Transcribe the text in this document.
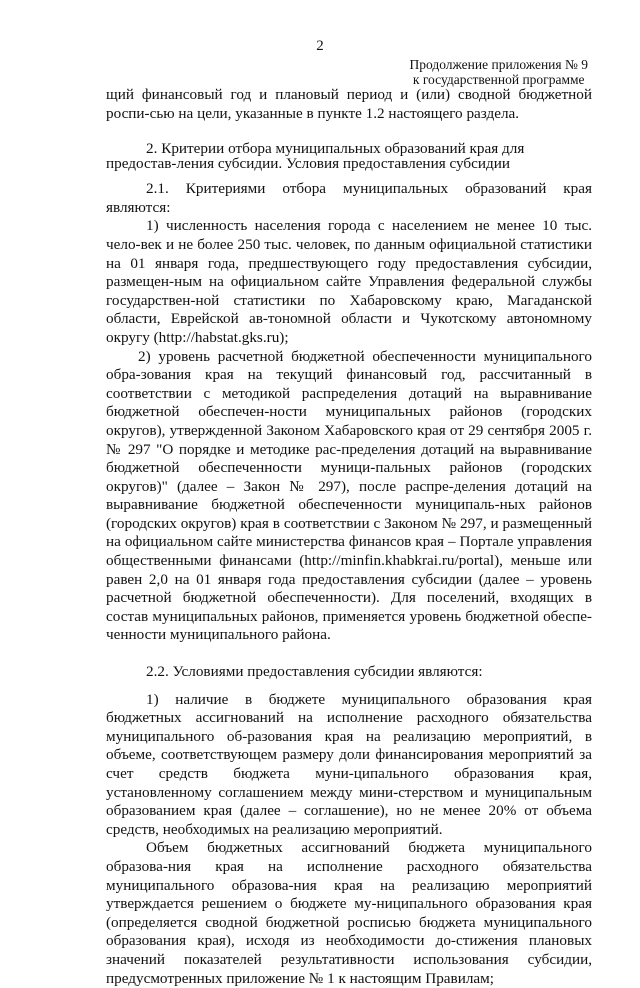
2
Продолжение приложения № 9
к государственной программе

щий финансовый год и плановый период и (или) сводной бюджетной роспи-сью на цели, указанные в пункте 1.2 настоящего раздела.

2. Критерии отбора муниципальных образований края для предостав-ления субсидии. Условия предоставления субсидии

2.1. Критериями отбора муниципальных образований края являются:

1) численность населения города с населением не менее 10 тыс. чело-век и не более 250 тыс. человек, по данным официальной статистики на 01 января года, предшествующего году предоставления субсидии, размещен-ным на официальном сайте Управления федеральной службы государствен-ной статистики по Хабаровскому краю, Магаданской области, Еврейской ав-тономной области и Чукотскому автономному округу (http://habstat.gks.ru);

2) уровень расчетной бюджетной обеспеченности муниципального обра-зования края на текущий финансовый год, рассчитанный в соответствии с методикой распределения дотаций на выравнивание бюджетной обеспечен-ности муниципальных районов (городских округов), утвержденной Законом Хабаровского края от 29 сентября 2005 г. № 297 "О порядке и методике рас-пределения дотаций на выравнивание бюджетной обеспеченности муници-пальных районов (городских округов)" (далее – Закон № 297), после распре-деления дотаций на выравнивание бюджетной обеспеченности муниципаль-ных районов (городских округов) края в соответствии с Законом № 297, и размещенный на официальном сайте министерства финансов края – Портале управления общественными финансами (http://minfin.khabkrai.ru/portal), меньше или равен 2,0 на 01 января года предоставления субсидии (далее – уровень расчетной бюджетной обеспеченности). Для поселений, входящих в состав муниципальных районов, применяется уровень бюджетной обеспе-ченности муниципального района.

2.2. Условиями предоставления субсидии являются:

1) наличие в бюджете муниципального образования края бюджетных ассигнований на исполнение расходного обязательства муниципального об-разования края на реализацию мероприятий, в объеме, соответствующем размеру доли финансирования мероприятий за счет средств бюджета муни-ципального образования края, установленному соглашением между мини-стерством и муниципальным образованием края (далее – соглашение), но не менее 20% от объема средств, необходимых на реализацию мероприятий.

Объем бюджетных ассигнований бюджета муниципального образова-ния края на исполнение расходного обязательства муниципального образова-ния края на реализацию мероприятий утверждается решением о бюджете му-ниципального образования края (определяется сводной бюджетной росписью бюджета муниципального образования края), исходя из необходимости до-стижения плановых значений показателей результативности использования субсидии, предусмотренных приложение № 1 к настоящим Правилам;
